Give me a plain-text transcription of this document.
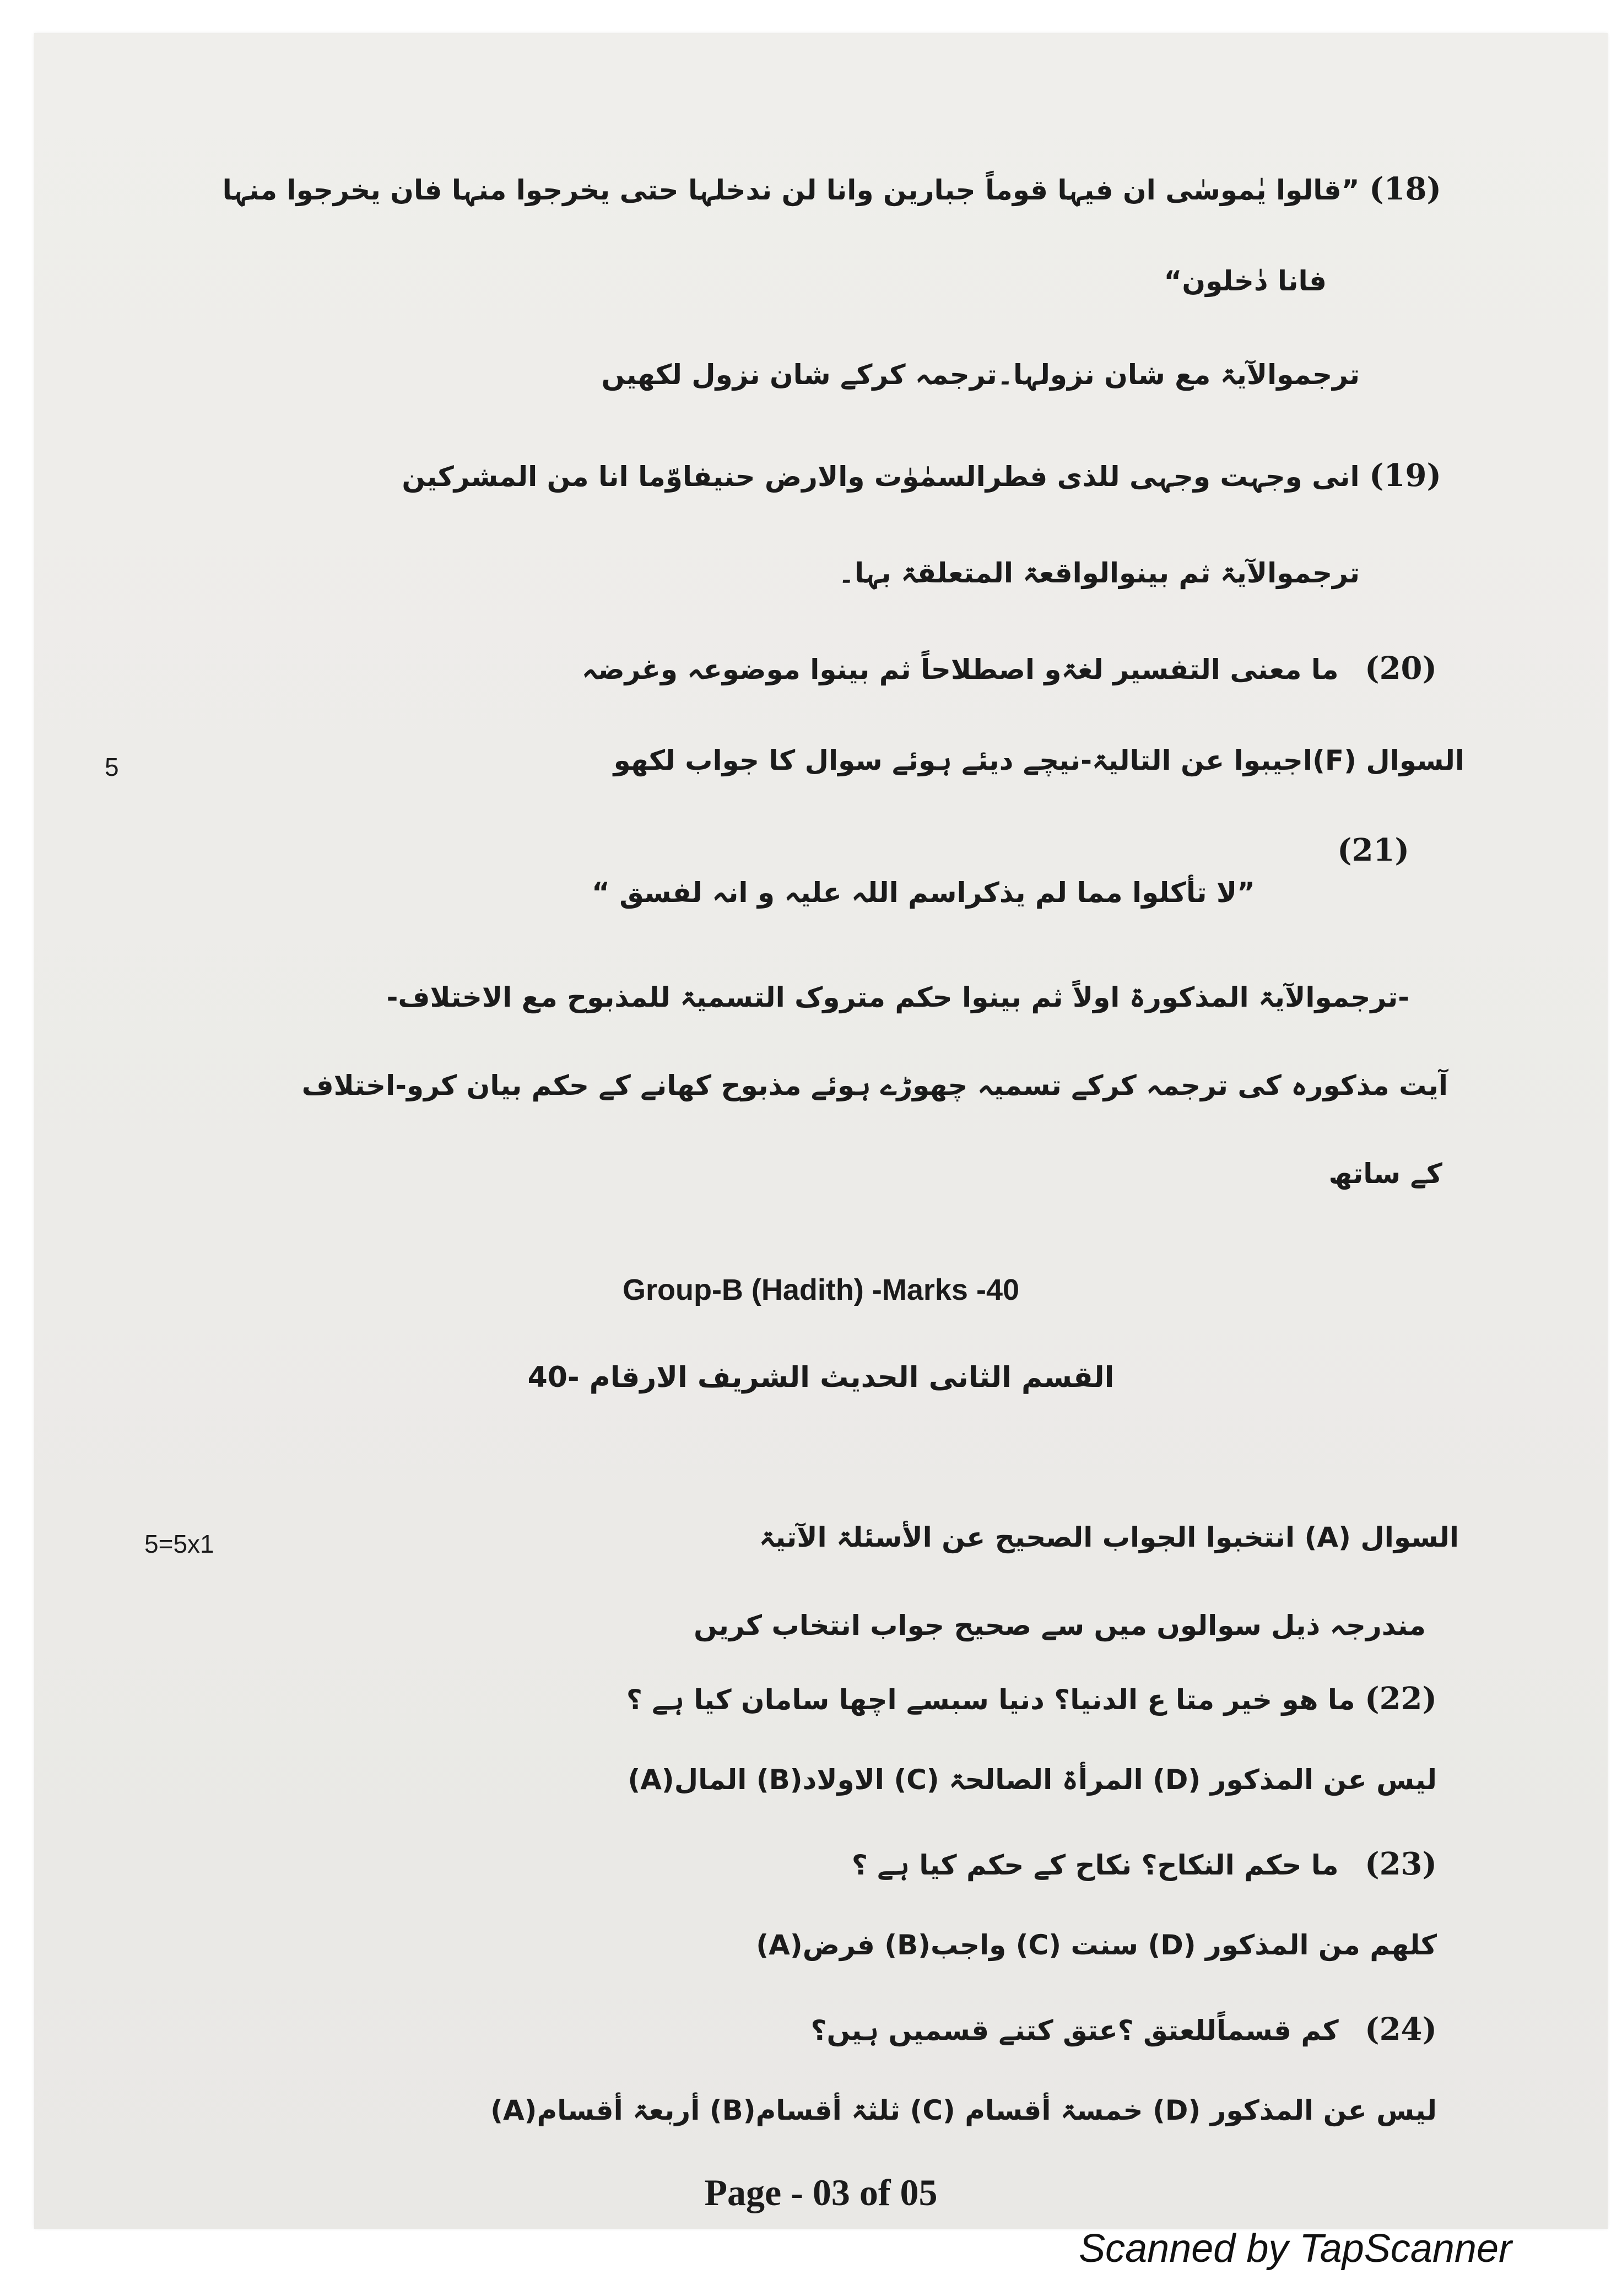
(18) ”قالوا یٰموسٰی ان فیہا قوماً جبارین وانا لن ندخلہا حتی یخرجوا منہا فان یخرجوا منہا
فانا دٰخلون“
ترجموالآیۃ مع شان نزولہا۔ترجمہ کرکے شان نزول لکھیں
(19) انی وجہت وجہی للذی فطرالسمٰوٰت والارض حنیفاوّما انا من المشرکین
ترجموالآیۃ ثم بینوالواقعۃ المتعلقۃ بہا۔
(20) ما معنی التفسیر لغۃو اصطلاحاً ثم بینوا موضوعہ وغرضہ
5	السوال (F)اجیبوا عن التالیۃ-نیچے دیئے ہوئے سوال کا جواب لکھو
(21)
”لا تأکلوا مما لم یذکراسم اللہ علیہ و انہ لفسق “
-ترجموالآیۃ المذکورۃ اولاً ثم بینوا حکم متروک التسمیۃ للمذبوح مع الاختلاف-
آیت مذکورہ کی ترجمہ کرکے تسمیہ چھوڑے ہوئے مذبوح کھانے کے حکم بیان کرو-اختلاف
کے ساتھ
Group-B (Hadith) -Marks -40
القسم الثانی الحدیث الشریف الارقام -40
5=5x1	السوال (A) انتخبوا الجواب الصحیح عن الأسئلۃ الآتیۃ
مندرجہ ذیل سوالوں میں سے صحیح جواب انتخاب کریں
(22) ما ھو خیر متا ع الدنیا؟ دنیا سبسے اچھا سامان کیا ہے ؟
(A)المال (B)الاولاد (C) المرأۃ الصالحۃ (D) لیس عن المذکور
(23) ما حکم النکاح؟ نکاح کے حکم کیا ہے ؟
(A)فرض (B)واجب (C) سنت (D) کلھم من المذکور
(24) کم قسماًللعتق ؟عتق کتنے قسمیں ہیں؟
(A)أربعۃ أقسام (B)ثلثۃ أقسام (C) خمسۃ أقسام (D) لیس عن المذکور
Page - 03 of 05
Scanned by TapScanner
